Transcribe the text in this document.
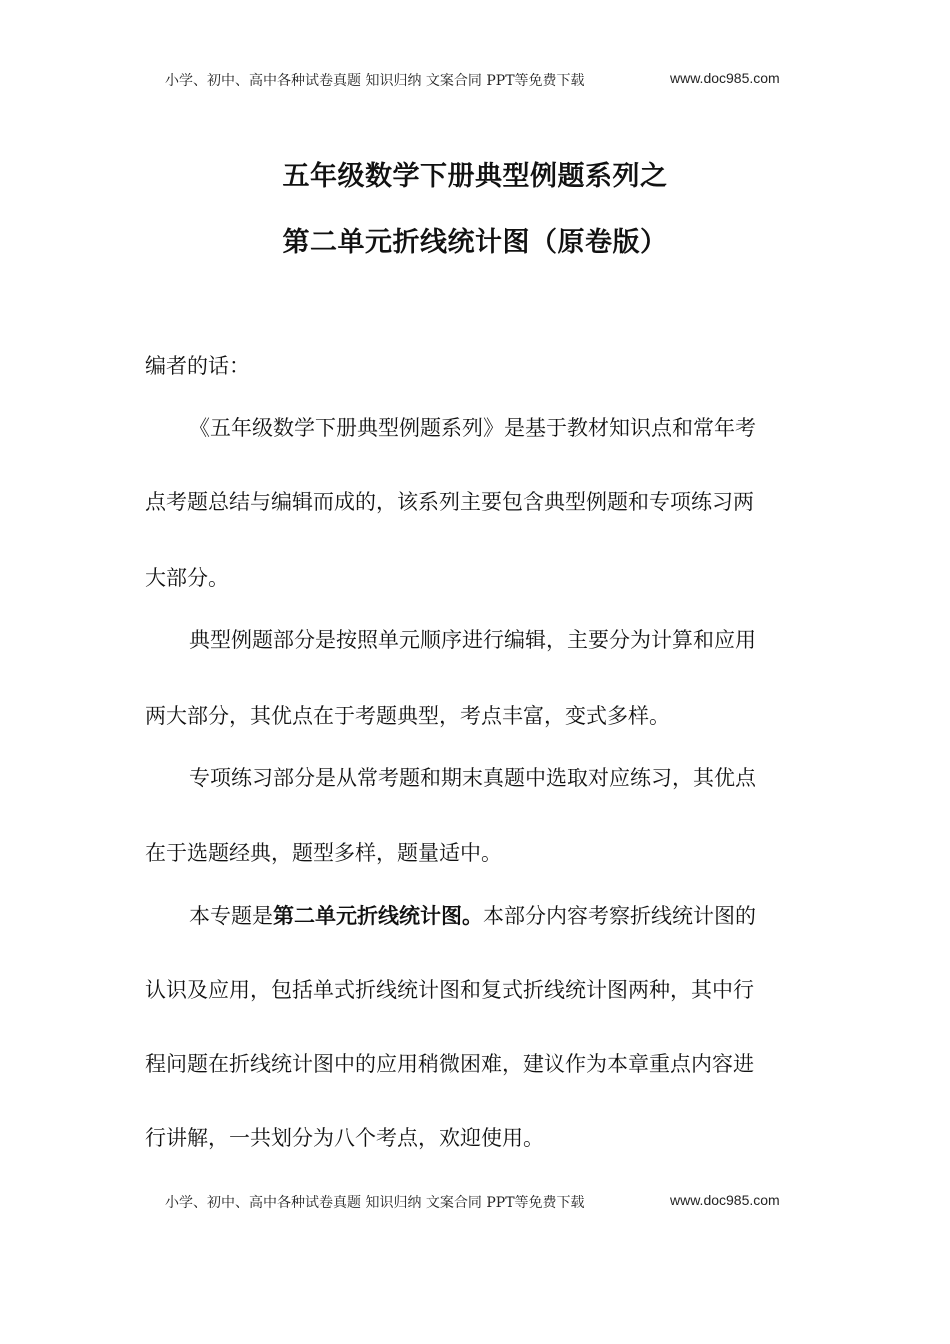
小学、初中、高中各种试卷真题 知识归纳 文案合同 PPT等免费下载	www.doc985.com
五年级数学下册典型例题系列之
第二单元折线统计图（原卷版）
编者的话：
《五年级数学下册典型例题系列》是基于教材知识点和常年考
点考题总结与编辑而成的，该系列主要包含典型例题和专项练习两
大部分。
典型例题部分是按照单元顺序进行编辑，主要分为计算和应用
两大部分，其优点在于考题典型，考点丰富，变式多样。
专项练习部分是从常考题和期末真题中选取对应练习，其优点
在于选题经典，题型多样，题量适中。
本专题是第二单元折线统计图。本部分内容考察折线统计图的
认识及应用，包括单式折线统计图和复式折线统计图两种，其中行
程问题在折线统计图中的应用稍微困难，建议作为本章重点内容进
行讲解，一共划分为八个考点，欢迎使用。
小学、初中、高中各种试卷真题 知识归纳 文案合同 PPT等免费下载	www.doc985.com
